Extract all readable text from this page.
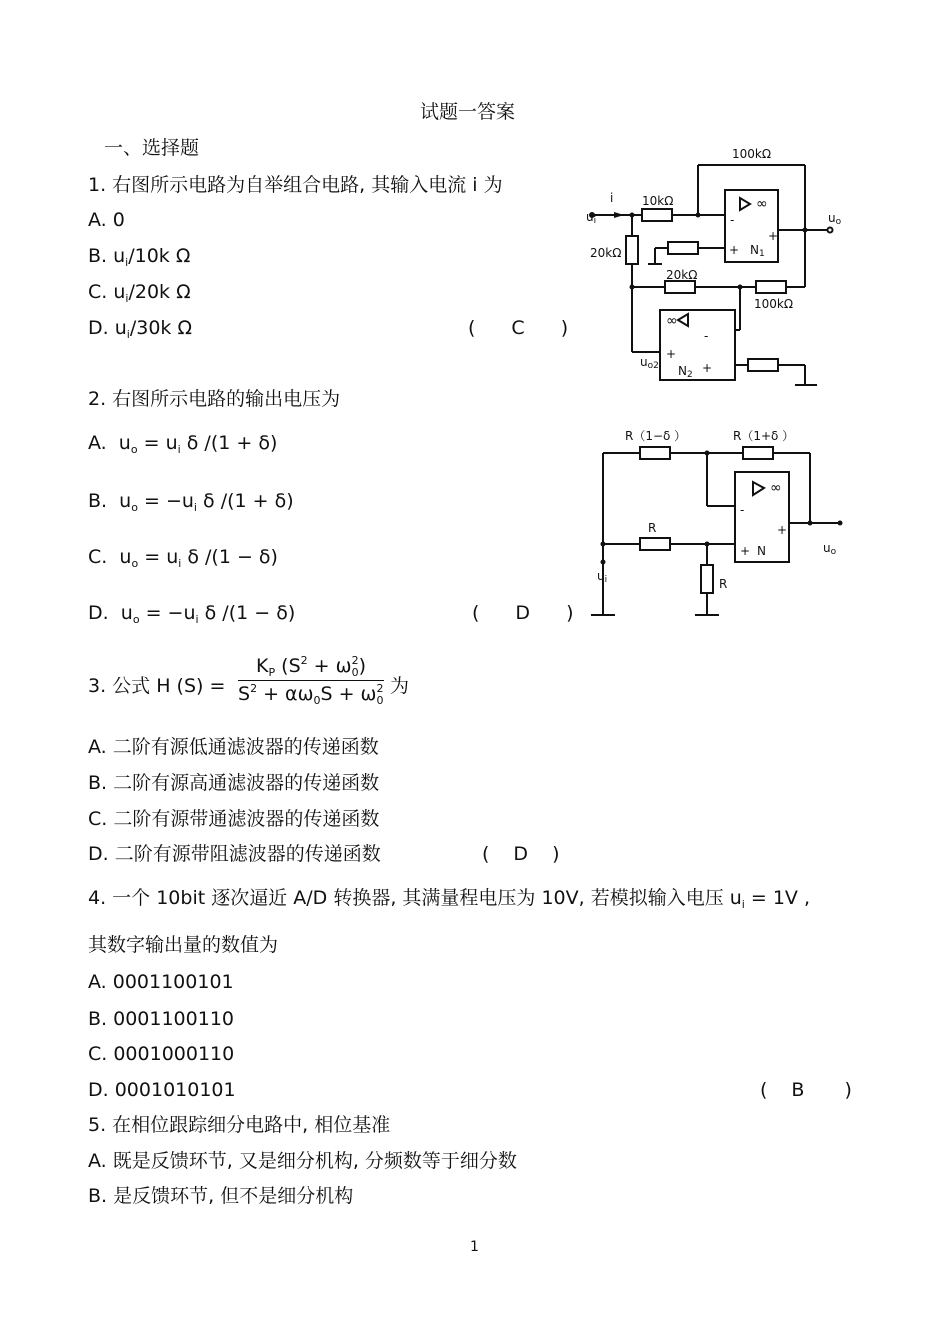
试题一答案
一、选择题
1. 右图所示电路为自举组合电路, 其输入电流 i 为
A. 0
B. $u_i/10k$ Ω
C. $u_i/20k$ Ω
D. $u_i/30k$ Ω	( C )
100kΩ
10kΩ
i
ui	uo
20kΩ
20kΩ
100kΩ
uo2
N1
N2
∞
-
+
+
∞
-
+
+
2. 右图所示电路的输出电压为
A. $u_o = u_i$ δ /(1 + δ)
B. $u_o = -u_i$ δ /(1 + δ)
C. $u_o = u_i$ δ /(1 − δ)
D. $u_o = -u_i$ δ /(1 − δ)	( D )
R（1−δ ）	R（1+δ ）
R
R
ui
uo
N
∞
-
+
+
3. 公式 H (S) =
$K_P$ $(S^2 + \omega^2_0)$
$S^2 + \alpha\omega_0S + \omega^2_0$
为
A. 二阶有源低通滤波器的传递函数
B. 二阶有源高通滤波器的传递函数
C. 二阶有源带通滤波器的传递函数
D. 二阶有源带阻滤波器的传递函数	( D )
4. 一个 10bit 逐次逼近 A/D 转换器, 其满量程电压为 10V, 若模拟输入电压 $u_i = 1V$ ,
其数字输出量的数值为
A. 0001100101
B. 0001100110
C. 0001000110
D. 0001010101	( B )
5. 在相位跟踪细分电路中, 相位基准
A. 既是反馈环节, 又是细分机构, 分频数等于细分数
B. 是反馈环节, 但不是细分机构
1
